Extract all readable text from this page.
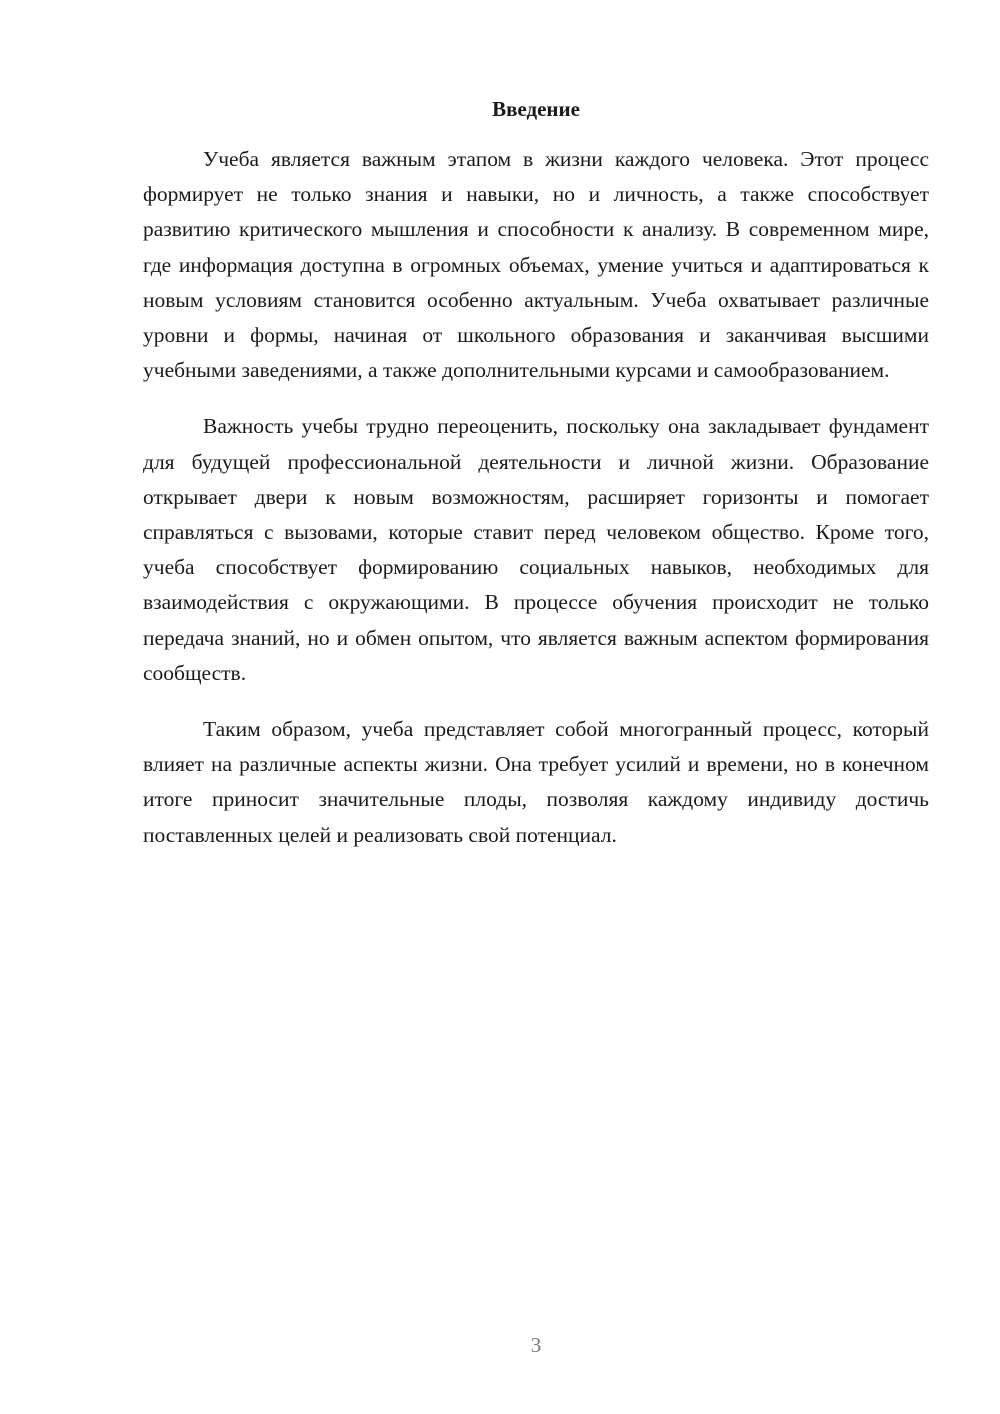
Введение

Учеба является важным этапом в жизни каждого человека. Этот процесс формирует не только знания и навыки, но и личность, а также способствует развитию критического мышления и способности к анализу. В современном мире, где информация доступна в огромных объемах, умение учиться и адаптироваться к новым условиям становится особенно актуальным. Учеба охватывает различные уровни и формы, начиная от школьного образования и заканчивая высшими учебными заведениями, а также дополнительными курсами и самообразованием.

Важность учебы трудно переоценить, поскольку она закладывает фундамент для будущей профессиональной деятельности и личной жизни. Образование открывает двери к новым возможностям, расширяет горизонты и помогает справляться с вызовами, которые ставит перед человеком общество. Кроме того, учеба способствует формированию социальных навыков, необходимых для взаимодействия с окружающими. В процессе обучения происходит не только передача знаний, но и обмен опытом, что является важным аспектом формирования сообществ.

Таким образом, учеба представляет собой многогранный процесс, который влияет на различные аспекты жизни. Она требует усилий и времени, но в конечном итоге приносит значительные плоды, позволяя каждому индивиду достичь поставленных целей и реализовать свой потенциал.

3
